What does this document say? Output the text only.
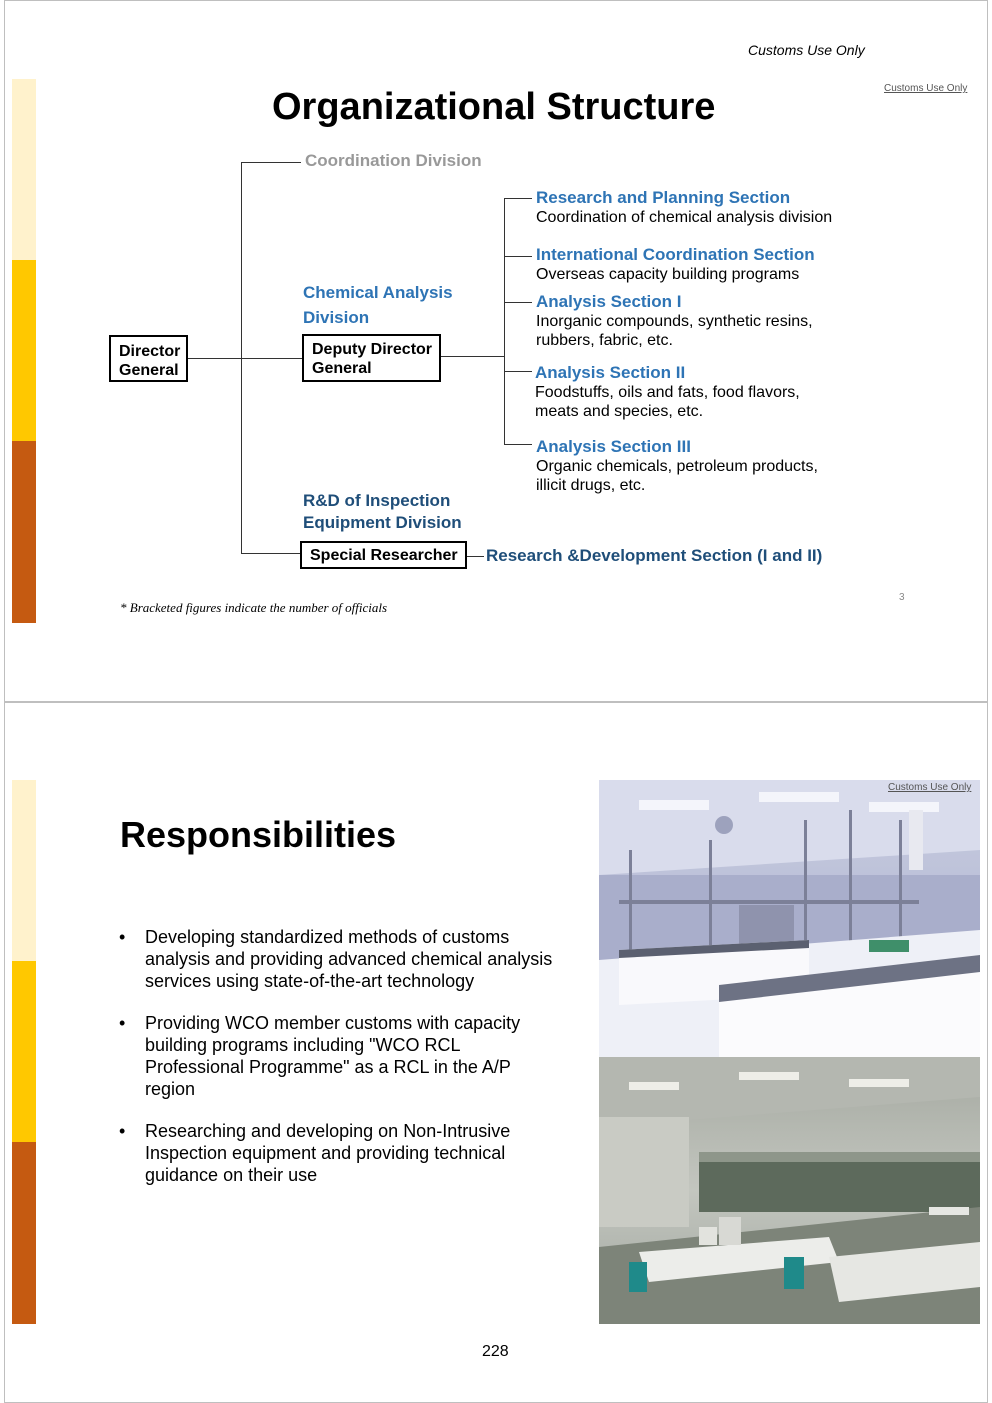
Customs Use Only
Customs Use Only
Organizational Structure
Coordination Division
Chemical Analysis Division
Director General
Deputy Director General
Research and Planning Section
Coordination of chemical analysis division
International Coordination Section
Overseas capacity building programs
Analysis Section I
Inorganic compounds, synthetic resins, rubbers, fabric, etc.
Analysis Section II
Foodstuffs, oils and fats, food flavors, meats and species, etc.
Analysis Section III
Organic chemicals, petroleum products, illicit drugs, etc.
R&D of Inspection Equipment Division
Special Researcher	Research &Development Section (I and II)
* Bracketed figures indicate the number of officials
3
Responsibilities
• Developing standardized methods of customs analysis and providing advanced chemical analysis services using state-of-the-art technology
• Providing WCO member customs with capacity building programs including "WCO RCL Professional Programme" as a RCL in the A/P region
• Researching and developing on Non-Intrusive Inspection equipment and providing technical guidance on their use
Customs Use Only
228
